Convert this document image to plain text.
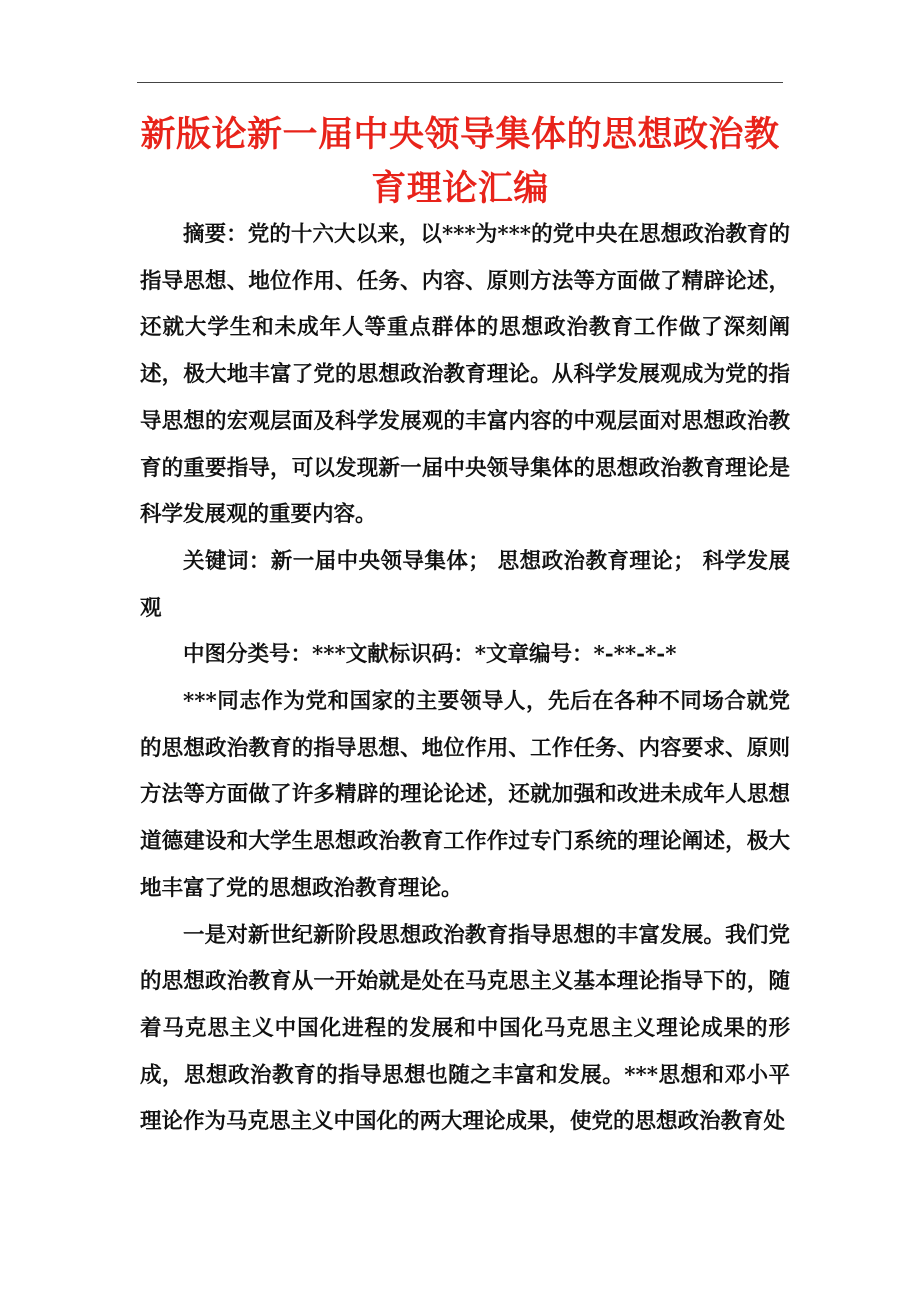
新版论新一届中央领导集体的思想政治教育理论汇编

摘要：党的十六大以来，以***为***的党中央在思想政治教育的指导思想、地位作用、任务、内容、原则方法等方面做了精辟论述，还就大学生和未成年人等重点群体的思想政治教育工作做了深刻阐述，极大地丰富了党的思想政治教育理论。从科学发展观成为党的指导思想的宏观层面及科学发展观的丰富内容的中观层面对思想政治教育的重要指导，可以发现新一届中央领导集体的思想政治教育理论是科学发展观的重要内容。

关键词：新一届中央领导集体； 思想政治教育理论； 科学发展观

中图分类号：***文献标识码：*文章编号：*-**-*-*

***同志作为党和国家的主要领导人，先后在各种不同场合就党的思想政治教育的指导思想、地位作用、工作任务、内容要求、原则方法等方面做了许多精辟的理论论述，还就加强和改进未成年人思想道德建设和大学生思想政治教育工作作过专门系统的理论阐述，极大地丰富了党的思想政治教育理论。

一是对新世纪新阶段思想政治教育指导思想的丰富发展。我们党的思想政治教育从一开始就是处在马克思主义基本理论指导下的，随着马克思主义中国化进程的发展和中国化马克思主义理论成果的形成，思想政治教育的指导思想也随之丰富和发展。***思想和邓小平理论作为马克思主义中国化的两大理论成果，使党的思想政治教育处
